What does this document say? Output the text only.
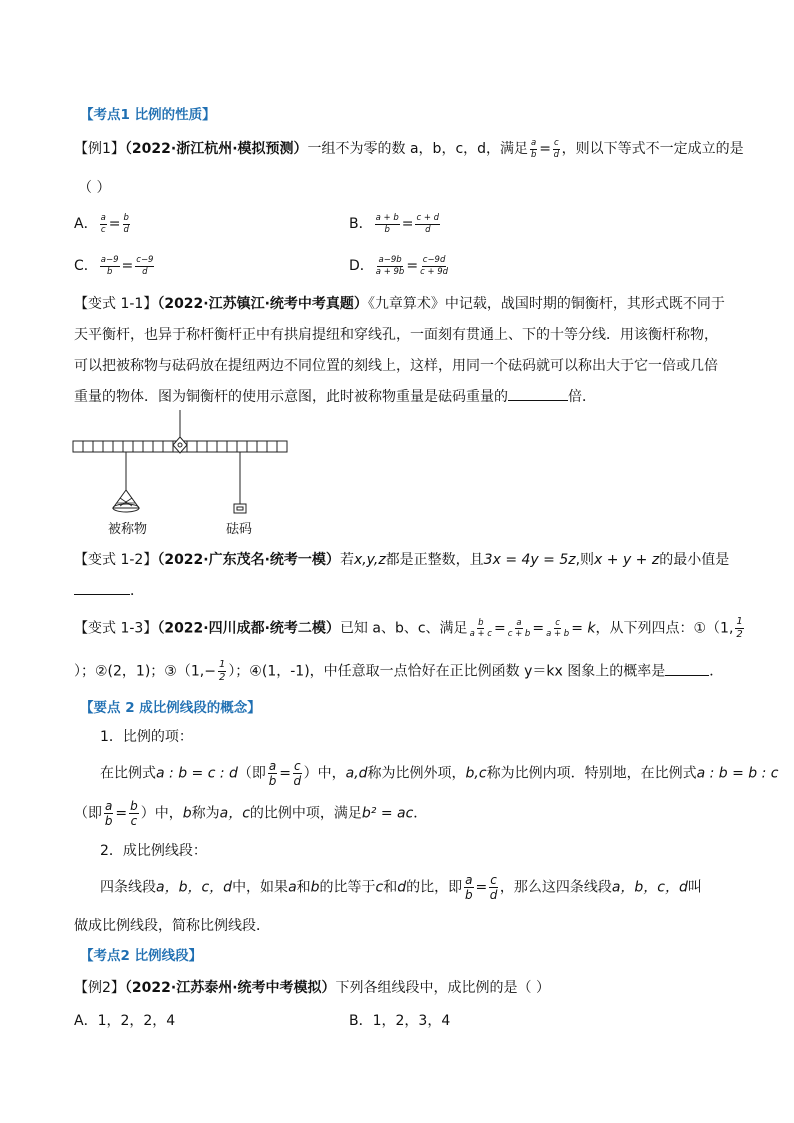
【考点1 比例的性质】
【例1】（2022·浙江杭州·模拟预测）一组不为零的数 a，b，c，d，满足 $\frac{a}{b} = \frac{c}{d}$ ，则以下等式不一定成立的是
（ ）
A． $\frac{a}{c} = \frac{b}{d}$	B． $\frac{a + b}{b} = \frac{c + d}{d}$
C． $\frac{a-9}{b} = \frac{c-9}{d}$	D． $\frac{a-9b}{a + 9b} = \frac{c-9d}{c + 9d}$
【变式 1-1】（2022·江苏镇江·统考中考真题）《九章算术》中记载，战国时期的铜衡杆，其形式既不同于
天平衡杆，也异于称杆衡杆正中有拱肩提纽和穿线孔，一面刻有贯通上、下的十等分线．用该衡杆称物，
可以把被称物与砝码放在提纽两边不同位置的刻线上，这样，用同一个砝码就可以称出大于它一倍或几倍
重量的物体．图为铜衡杆的使用示意图，此时被称物重量是砝码重量的	倍．
被称物	砝码
【变式 1-2】（2022·广东茂名·统考一模）若x,y,z都是正整数，且3x = 4y = 5z,则x + y + z的最小值是
．
【变式 1-3】（2022·四川成都·统考二模）已知 a、b、c、满足 $\frac{b}{a + c} = \frac{a}{c + b} = \frac{c}{a + b} = k$，从下列四点：①（1, $\frac{1}{2}$
）；②(2，1)；③（1,− $\frac{1}{2}$ ）；④(1，-1)，中任意取一点恰好在正比例函数 y＝kx 图象上的概率是	．
【要点 2 成比例线段的概念】
1．比例的项：
在比例式a : b = c : d（即 $\frac{a}{b} = \frac{c}{d}$ ）中，a,d称为比例外项，b,c称为比例内项．特别地，在比例式a : b = b : c
（即 $\frac{a}{b} = \frac{b}{c}$ ）中，b称为a，c的比例中项，满足b² = ac．
2．成比例线段：
四条线段a，b，c，d中，如果a和b的比等于c和d的比，即 $\frac{a}{b} = \frac{c}{d}$ ，那么这四条线段a，b，c，d叫
做成比例线段，简称比例线段．
【考点2 比例线段】
【例2】（2022·江苏泰州·统考中考模拟）下列各组线段中，成比例的是（ ）
A．1，2，2，4	B．1，2，3，4
